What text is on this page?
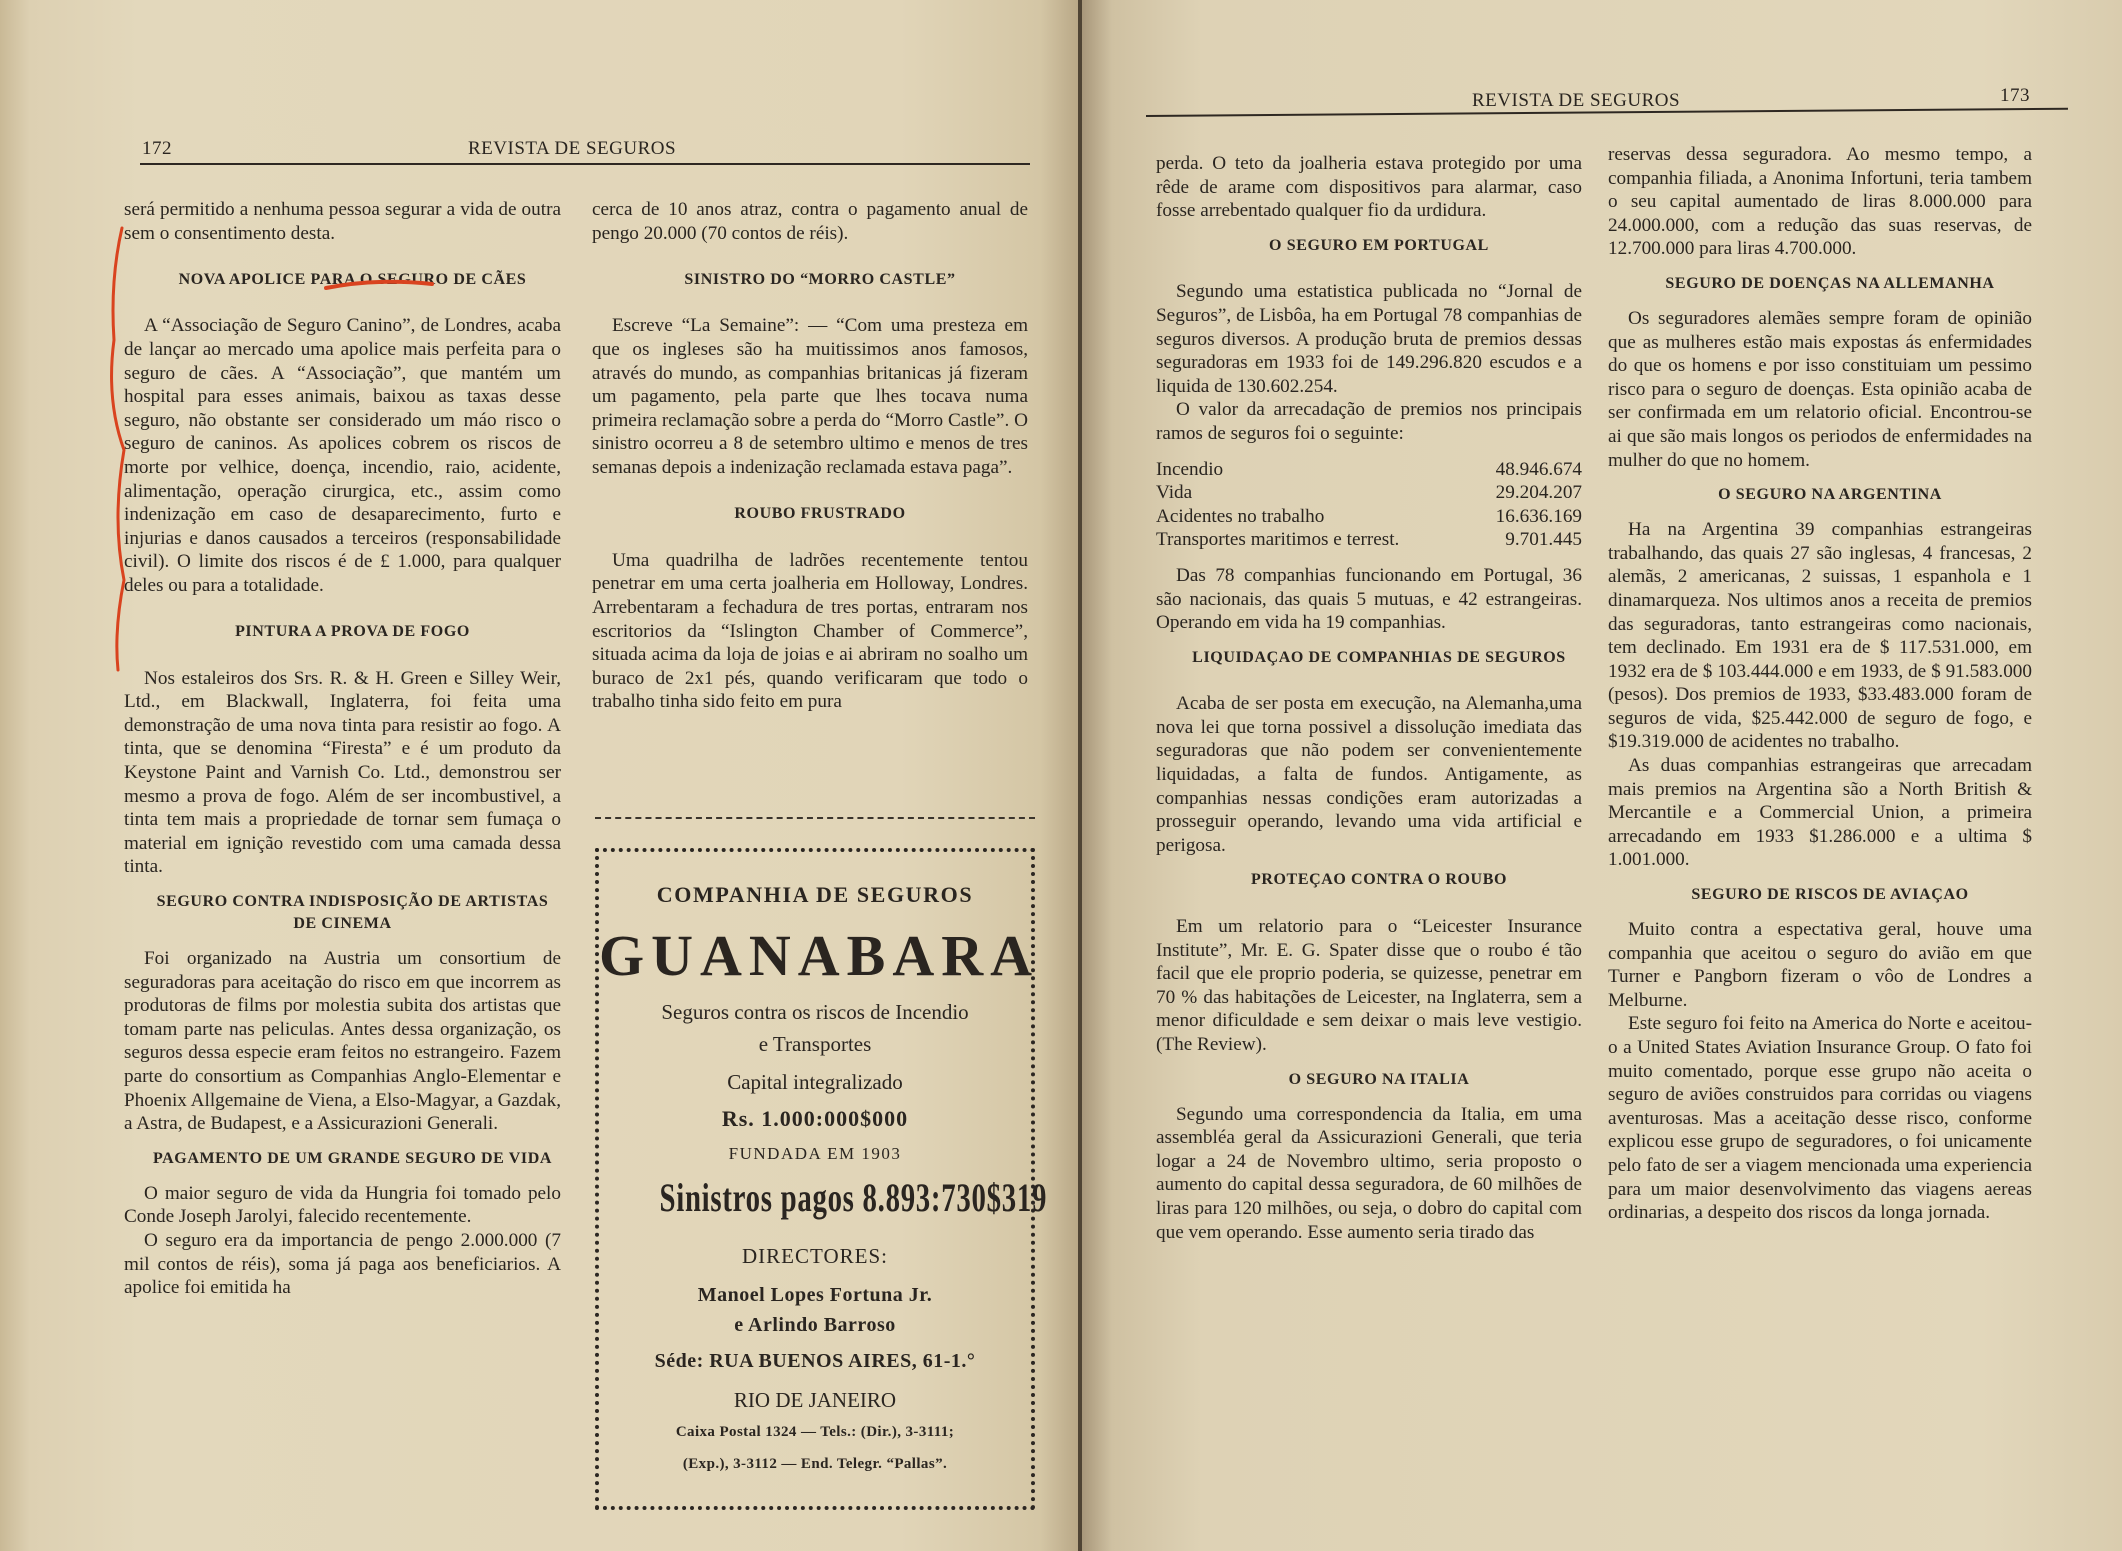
172	REVISTA DE SEGUROS

será permitido a nenhuma pessoa segurar a vida de outra sem o consentimento desta.

NOVA APOLICE PARA O SEGURO DE CÃES

A “Associação de Seguro Canino”, de Londres, acaba de lançar ao mercado uma apolice mais perfeita para o seguro de cães. A “Associação”, que mantém um hospital para esses animais, baixou as taxas desse seguro, não obstante ser considerado um máo risco o seguro de caninos. As apolices cobrem os riscos de morte por velhice, doença, incendio, raio, acidente, alimentação, operação cirurgica, etc., assim como indenização em caso de desaparecimento, furto e injurias e danos causados a terceiros (responsabilidade civil). O limite dos riscos é de £ 1.000, para qualquer deles ou para a totalidade.

PINTURA A PROVA DE FOGO

Nos estaleiros dos Srs. R. & H. Green e Silley Weir, Ltd., em Blackwall, Inglaterra, foi feita uma demonstração de uma nova tinta para resistir ao fogo. A tinta, que se denomina “Firesta” e é um produto da Keystone Paint and Varnish Co. Ltd., demonstrou ser mesmo a prova de fogo. Além de ser incombustivel, a tinta tem mais a propriedade de tornar sem fumaça o material em ignição revestido com uma camada dessa tinta.

SEGURO CONTRA INDISPOSIÇÃO DE ARTISTAS DE CINEMA

Foi organizado na Austria um consortium de seguradoras para aceitação do risco em que incorrem as produtoras de films por molestia subita dos artistas que tomam parte nas peliculas. Antes dessa organização, os seguros dessa especie eram feitos no estrangeiro. Fazem parte do consortium as Companhias Anglo-Elementar e Phoenix Allgemaine de Viena, a Elso-Magyar, a Gazdak, a Astra, de Budapest, e a Assicurazioni Generali.

PAGAMENTO DE UM GRANDE SEGURO DE VIDA

O maior seguro de vida da Hungria foi tomado pelo Conde Joseph Jarolyi, falecido recentemente.

O seguro era da importancia de pengo 2.000.000 (7 mil contos de réis), soma já paga aos beneficiarios. A apolice foi emitida ha

cerca de 10 anos atraz, contra o pagamento anual de pengo 20.000 (70 contos de réis).

SINISTRO DO “MORRO CASTLE”

Escreve “La Semaine”: — “Com uma presteza em que os ingleses são ha muitissimos anos famosos, através do mundo, as companhias britanicas já fizeram um pagamento, pela parte que lhes tocava numa primeira reclamação sobre a perda do “Morro Castle”. O sinistro ocorreu a 8 de setembro ultimo e menos de tres semanas depois a indenização reclamada estava paga”.

ROUBO FRUSTRADO

Uma quadrilha de ladrões recentemente tentou penetrar em uma certa joalheria em Holloway, Londres. Arrebentaram a fechadura de tres portas, entraram nos escritorios da “Islington Chamber of Commerce”, situada acima da loja de joias e ai abriram no soalho um buraco de 2x1 pés, quando verificaram que todo o trabalho tinha sido feito em pura

COMPANHIA DE SEGUROS
GUANABARA
Seguros contra os riscos de Incendio
e Transportes
Capital integralizado
Rs. 1.000:000$000
FUNDADA EM 1903
Sinistros pagos 8.893:730$319
DIRECTORES:
Manoel Lopes Fortuna Jr.
e Arlindo Barroso
Séde: RUA BUENOS AIRES, 61-1.°
RIO DE JANEIRO
Caixa Postal 1324 — Tels.: (Dir.), 3-3111;
(Exp.), 3-3112 — End. Telegr. “Pallas”.
REVISTA DE SEGUROS	173

perda. O teto da joalheria estava protegido por uma rêde de arame com dispositivos para alarmar, caso fosse arrebentado qualquer fio da urdidura.

O SEGURO EM PORTUGAL

Segundo uma estatistica publicada no “Jornal de Seguros”, de Lisbôa, ha em Portugal 78 companhias de seguros diversos. A produção bruta de premios dessas seguradoras em 1933 foi de 149.296.820 escudos e a liquida de 130.602.254.

O valor da arrecadação de premios nos principais ramos de seguros foi o seguinte:

Incendio	48.946.674
Vida	29.204.207
Acidentes no trabalho	16.636.169
Transportes maritimos e terrest.	9.701.445

Das 78 companhias funcionando em Portugal, 36 são nacionais, das quais 5 mutuas, e 42 estrangeiras. Operando em vida ha 19 companhias.

LIQUIDAÇAO DE COMPANHIAS DE SEGUROS

Acaba de ser posta em execução, na Alemanha,uma nova lei que torna possivel a dissolução imediata das seguradoras que não podem ser convenientemente liquidadas, a falta de fundos. Antigamente, as companhias nessas condições eram autorizadas a prosseguir operando, levando uma vida artificial e perigosa.

PROTEÇAO CONTRA O ROUBO

Em um relatorio para o “Leicester Insurance Institute”, Mr. E. G. Spater disse que o roubo é tão facil que ele proprio poderia, se quizesse, penetrar em 70 % das habitações de Leicester, na Inglaterra, sem a menor dificuldade e sem deixar o mais leve vestigio. (The Review).

O SEGURO NA ITALIA

Segundo uma correspondencia da Italia, em uma assembléa geral da Assicurazioni Generali, que teria logar a 24 de Novembro ultimo, seria proposto o aumento do capital dessa seguradora, de 60 milhões de liras para 120 milhões, ou seja, o dobro do capital com que vem operando. Esse aumento seria tirado das

reservas dessa seguradora. Ao mesmo tempo, a companhia filiada, a Anonima Infortuni, teria tambem o seu capital aumentado de liras 8.000.000 para 24.000.000, com a redução das suas reservas, de 12.700.000 para liras 4.700.000.

SEGURO DE DOENÇAS NA ALLEMANHA

Os seguradores alemães sempre foram de opinião que as mulheres estão mais expostas ás enfermidades do que os homens e por isso constituiam um pessimo risco para o seguro de doenças. Esta opinião acaba de ser confirmada em um relatorio oficial. Encontrou-se ai que são mais longos os periodos de enfermidades na mulher do que no homem.

O SEGURO NA ARGENTINA

Ha na Argentina 39 companhias estrangeiras trabalhando, das quais 27 são inglesas, 4 francesas, 2 alemãs, 2 americanas, 2 suissas, 1 espanhola e 1 dinamarqueza. Nos ultimos anos a receita de premios das seguradoras, tanto estrangeiras como nacionais, tem declinado. Em 1931 era de $ 117.531.000, em 1932 era de $ 103.444.000 e em 1933, de $ 91.583.000 (pesos). Dos premios de 1933, $33.483.000 foram de seguros de vida, $25.442.000 de seguro de fogo, e $19.319.000 de acidentes no trabalho.

As duas companhias estrangeiras que arrecadam mais premios na Argentina são a North British & Mercantile e a Commercial Union, a primeira arrecadando em 1933 $1.286.000 e a ultima $ 1.001.000.

SEGURO DE RISCOS DE AVIAÇAO

Muito contra a espectativa geral, houve uma companhia que aceitou o seguro do avião em que Turner e Pangborn fizeram o vôo de Londres a Melburne.

Este seguro foi feito na America do Norte e aceitou-o a United States Aviation Insurance Group. O fato foi muito comentado, porque esse grupo não aceita o seguro de aviões construidos para corridas ou viagens aventurosas. Mas a aceitação desse risco, conforme explicou esse grupo de seguradores, o foi unicamente pelo fato de ser a viagem mencionada uma experiencia para um maior desenvolvimento das viagens aereas ordinarias, a despeito dos riscos da longa jornada.
